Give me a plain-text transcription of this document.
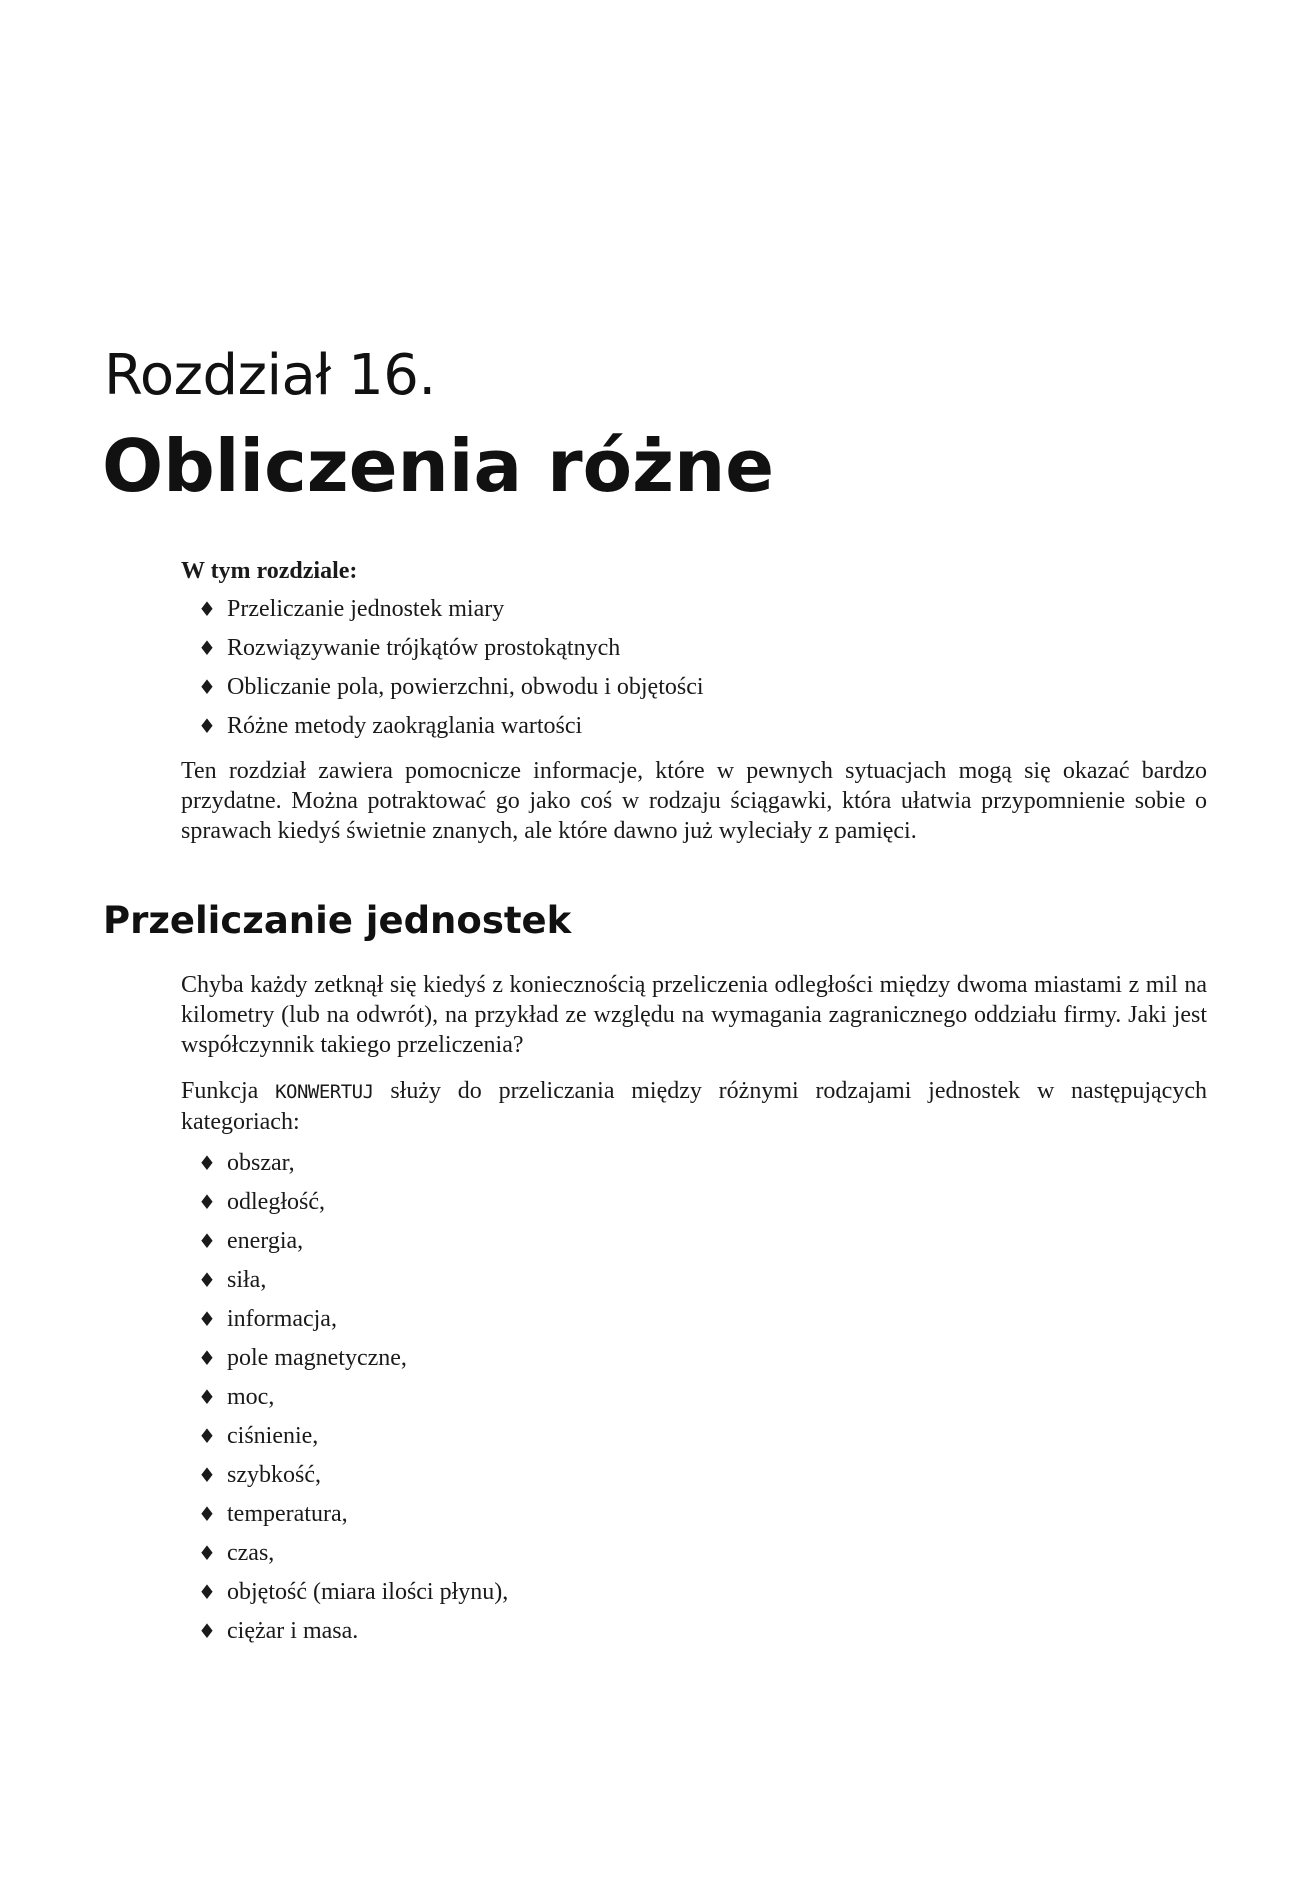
Rozdział 16.
Obliczenia różne
W tym rozdziale:
♦ Przeliczanie jednostek miary
♦ Rozwiązywanie trójkątów prostokątnych
♦ Obliczanie pola, powierzchni, obwodu i objętości
♦ Różne metody zaokrąglania wartości

Ten rozdział zawiera pomocnicze informacje, które w pewnych sytuacjach mogą się okazać bardzo przydatne. Można potraktować go jako coś w rodzaju ściągawki, która ułatwia przypomnienie sobie o sprawach kiedyś świetnie znanych, ale które dawno już wyleciały z pamięci.

Przeliczanie jednostek

Chyba każdy zetknął się kiedyś z koniecznością przeliczenia odległości między dwoma miastami z mil na kilometry (lub na odwrót), na przykład ze względu na wymagania zagranicznego oddziału firmy. Jaki jest współczynnik takiego przeliczenia?

Funkcja KONWERTUJ służy do przeliczania między różnymi rodzajami jednostek w następujących kategoriach:

♦ obszar,
♦ odległość,
♦ energia,
♦ siła,
♦ informacja,
♦ pole magnetyczne,
♦ moc,
♦ ciśnienie,
♦ szybkość,
♦ temperatura,
♦ czas,
♦ objętość (miara ilości płynu),
♦ ciężar i masa.
